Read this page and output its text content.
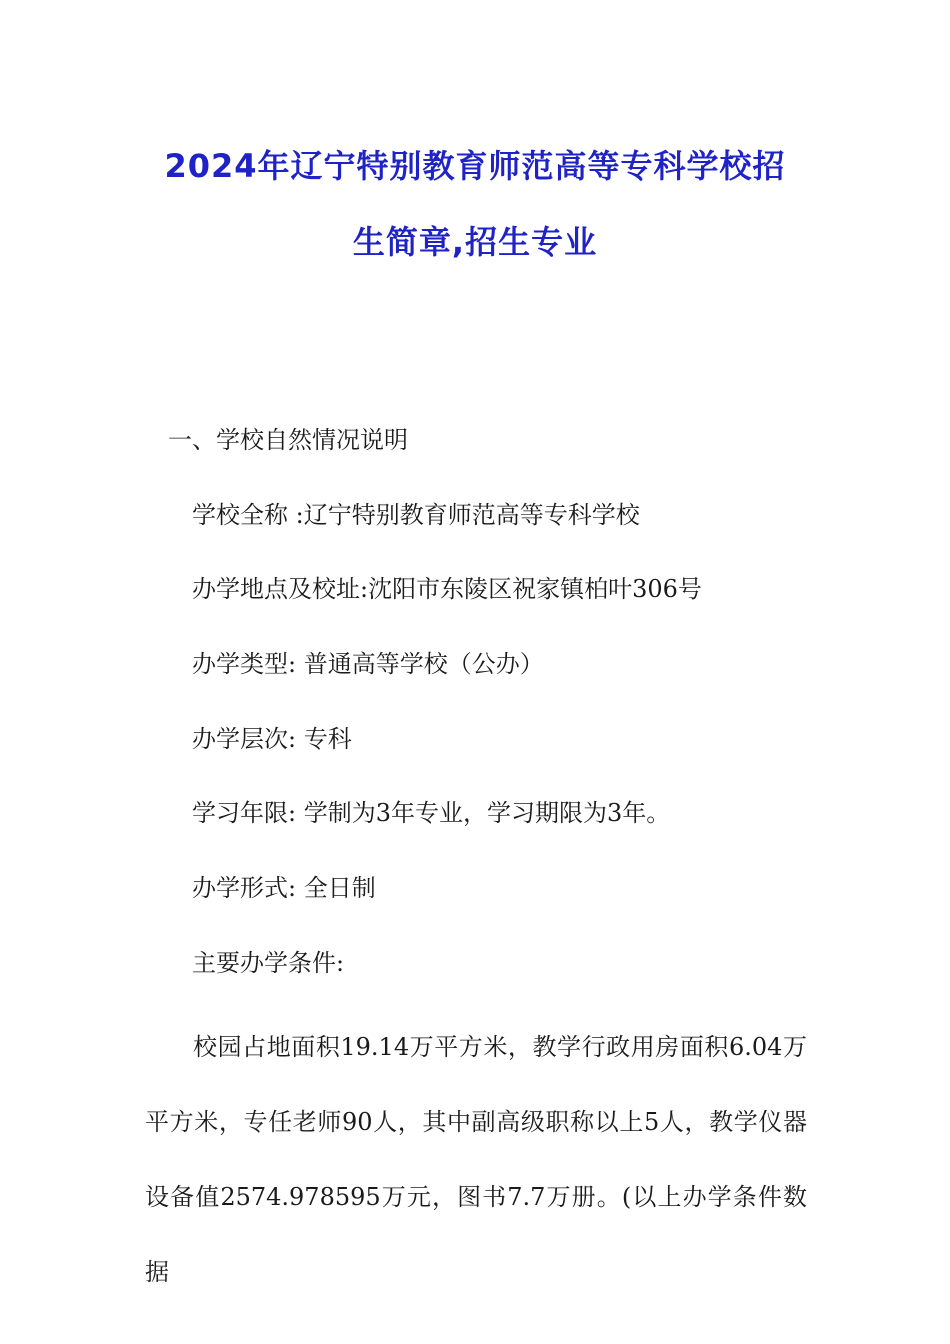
2024年辽宁特别教育师范高等专科学校招
生简章,招生专业

一、学校自然情况说明

学校全称 :辽宁特别教育师范高等专科学校

办学地点及校址:沈阳市东陵区祝家镇柏叶306号

办学类型: 普通高等学校（公办）

办学层次: 专科

学习年限: 学制为3年专业，学习期限为3年。

办学形式: 全日制

主要办学条件:

校园占地面积19.14万平方米，教学行政用房面积6.04万平方米，专任老师90人，其中副高级职称以上5人，教学仪器设备值2574.978595万元，图书7.7万册。(以上办学条件数据
